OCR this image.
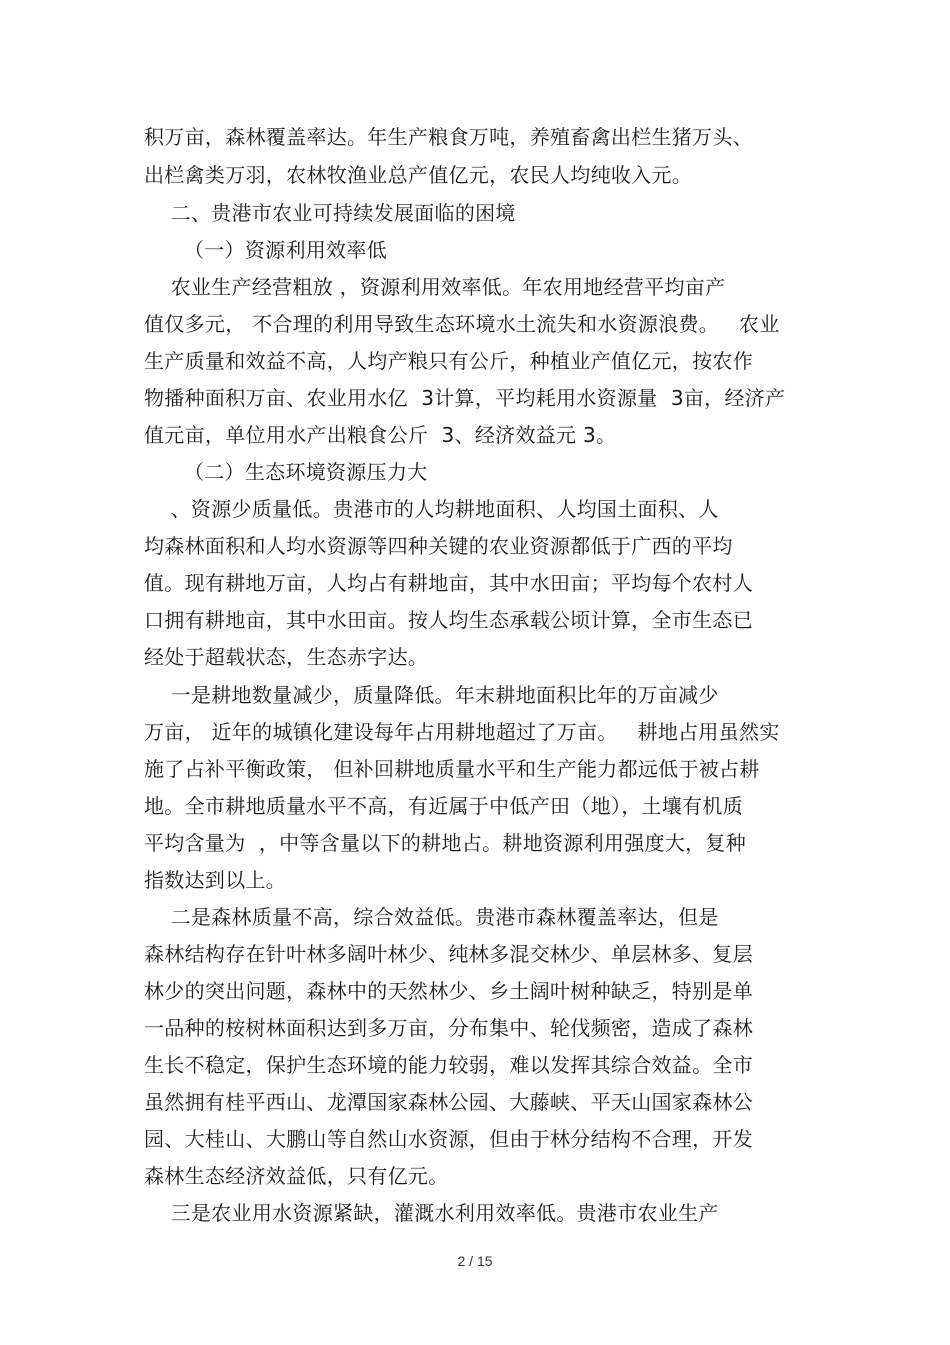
积万亩，森林覆盖率达。年生产粮食万吨，养殖畜禽出栏生猪万头、
出栏禽类万羽，农林牧渔业总产值亿元，农民人均纯收入元。
二、贵港市农业可持续发展面临的困境
（一）资源利用效率低
农业生产经营粗放 ，资源利用效率低。年农用地经营平均亩产
值仅多元， 不合理的利用导致生态环境水土流失和水资源浪费。   农业
生产质量和效益不高，人均产粮只有公斤，种植业产值亿元，按农作
物播种面积万亩、农业用水亿  3计算，平均耗用水资源量  3亩，经济产
值元亩，单位用水产出粮食公斤  3、经济效益元 3。
（二）生态环境资源压力大
、资源少质量低。贵港市的人均耕地面积、人均国土面积、人
均森林面积和人均水资源等四种关键的农业资源都低于广西的平均
值。现有耕地万亩，人均占有耕地亩，其中水田亩；平均每个农村人
口拥有耕地亩，其中水田亩。按人均生态承载公顷计算，全市生态已
经处于超载状态，生态赤字达。
一是耕地数量减少，质量降低。年末耕地面积比年的万亩减少
万亩， 近年的城镇化建设每年占用耕地超过了万亩。   耕地占用虽然实
施了占补平衡政策， 但补回耕地质量水平和生产能力都远低于被占耕
地。全市耕地质量水平不高，有近属于中低产田（地），土壤有机质
平均含量为  ，中等含量以下的耕地占。耕地资源利用强度大，复种
指数达到以上。
二是森林质量不高，综合效益低。贵港市森林覆盖率达，但是
森林结构存在针叶林多阔叶林少、纯林多混交林少、单层林多、复层
林少的突出问题，森林中的天然林少、乡土阔叶树种缺乏，特别是单
一品种的桉树林面积达到多万亩，分布集中、轮伐频密，造成了森林
生长不稳定，保护生态环境的能力较弱，难以发挥其综合效益。全市
虽然拥有桂平西山、龙潭国家森林公园、大藤峡、平天山国家森林公
园、大桂山、大鹏山等自然山水资源，但由于林分结构不合理，开发
森林生态经济效益低，只有亿元。
三是农业用水资源紧缺，灌溉水利用效率低。贵港市农业生产
2 / 15
